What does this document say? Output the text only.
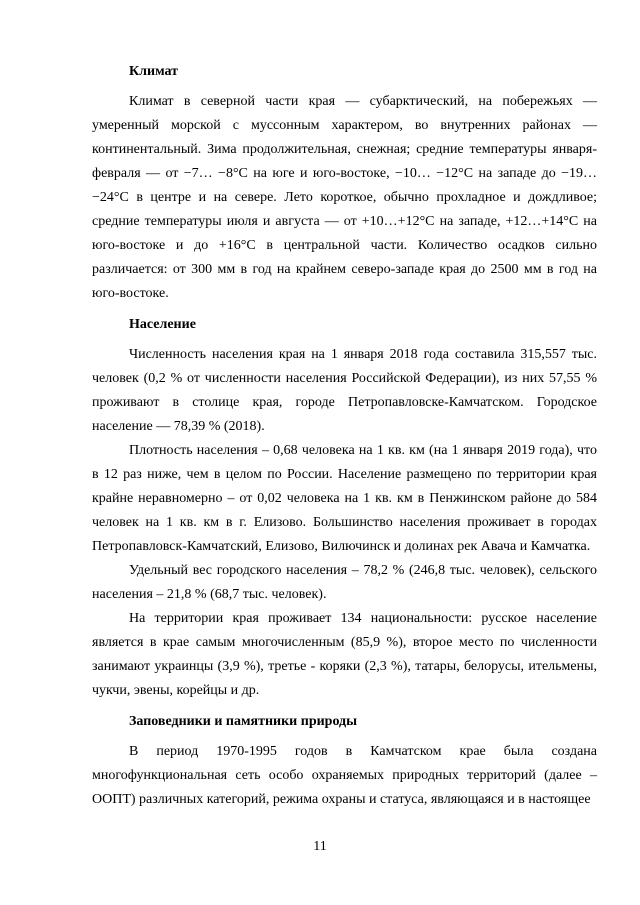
Климат

Климат в северной части края — субарктический, на побережьях — умеренный морской с муссонным характером, во внутренних районах — континентальный. Зима продолжительная, снежная; средние температуры января-февраля — от −7… −8°С на юге и юго-востоке, −10… −12°С на западе до −19… −24°С в центре и на севере. Лето короткое, обычно прохладное и дождливое; средние температуры июля и августа — от +10…+12°С на западе, +12…+14°С на юго-востоке и до +16°С в центральной части. Количество осадков сильно различается: от 300 мм в год на крайнем северо-западе края до 2500 мм в год на юго-востоке.

Население

Численность населения края на 1 января 2018 года составила 315,557 тыс. человек (0,2 % от численности населения Российской Федерации), из них 57,55 % проживают в столице края, городе Петропавловске-Камчатском. Городское население — 78,39 % (2018).

Плотность населения – 0,68 человека на 1 кв. км (на 1 января 2019 года), что в 12 раз ниже, чем в целом по России. Население размещено по территории края крайне неравномерно – от 0,02 человека на 1 кв. км в Пенжинском районе до 584 человек на 1 кв. км в г. Елизово. Большинство населения проживает в городах Петропавловск-Камчатский, Елизово, Вилючинск и долинах рек Авача и Камчатка.

Удельный вес городского населения – 78,2 % (246,8 тыс. человек), сельского населения – 21,8 % (68,7 тыс. человек).

На территории края проживает 134 национальности: русское население является в крае самым многочисленным (85,9 %), второе место по численности занимают украинцы (3,9 %), третье - коряки (2,3 %), татары, белорусы, ительмены, чукчи, эвены, корейцы и др.

Заповедники и памятники природы

В период 1970-1995 годов в Камчатском крае была создана многофункциональная сеть особо охраняемых природных территорий (далее – ООПТ) различных категорий, режима охраны и статуса, являющаяся и в настоящее

11
